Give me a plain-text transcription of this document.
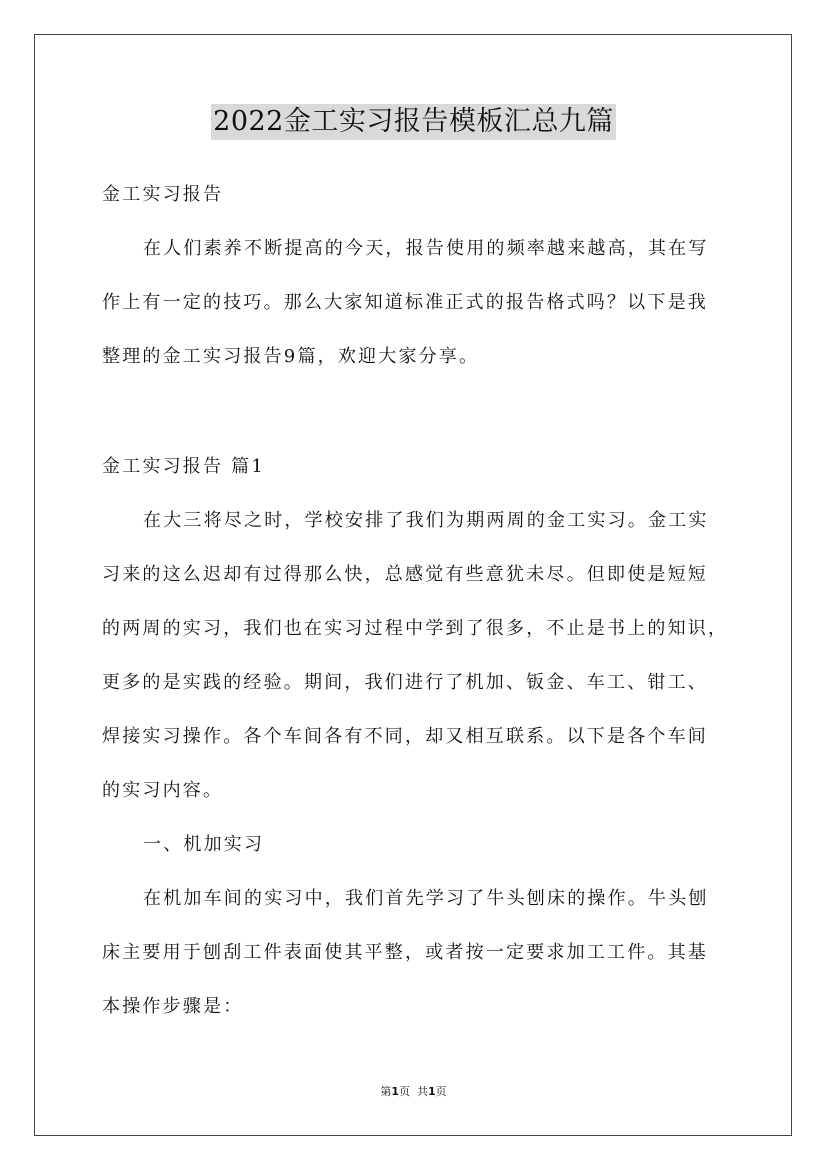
2022金工实习报告模板汇总九篇
金工实习报告
在人们素养不断提高的今天，报告使用的频率越来越高，其在写
作上有一定的技巧。那么大家知道标准正式的报告格式吗？以下是我
整理的金工实习报告9篇，欢迎大家分享。
金工实习报告 篇1
在大三将尽之时，学校安排了我们为期两周的金工实习。金工实
习来的这么迟却有过得那么快，总感觉有些意犹未尽。但即使是短短
的两周的实习，我们也在实习过程中学到了很多，不止是书上的知识，
更多的是实践的经验。期间，我们进行了机加、钣金、车工、钳工、
焊接实习操作。各个车间各有不同，却又相互联系。以下是各个车间
的实习内容。
一、机加实习
在机加车间的实习中，我们首先学习了牛头刨床的操作。牛头刨
床主要用于刨刮工件表面使其平整，或者按一定要求加工工件。其基
本操作步骤是：
第1页 共1页
